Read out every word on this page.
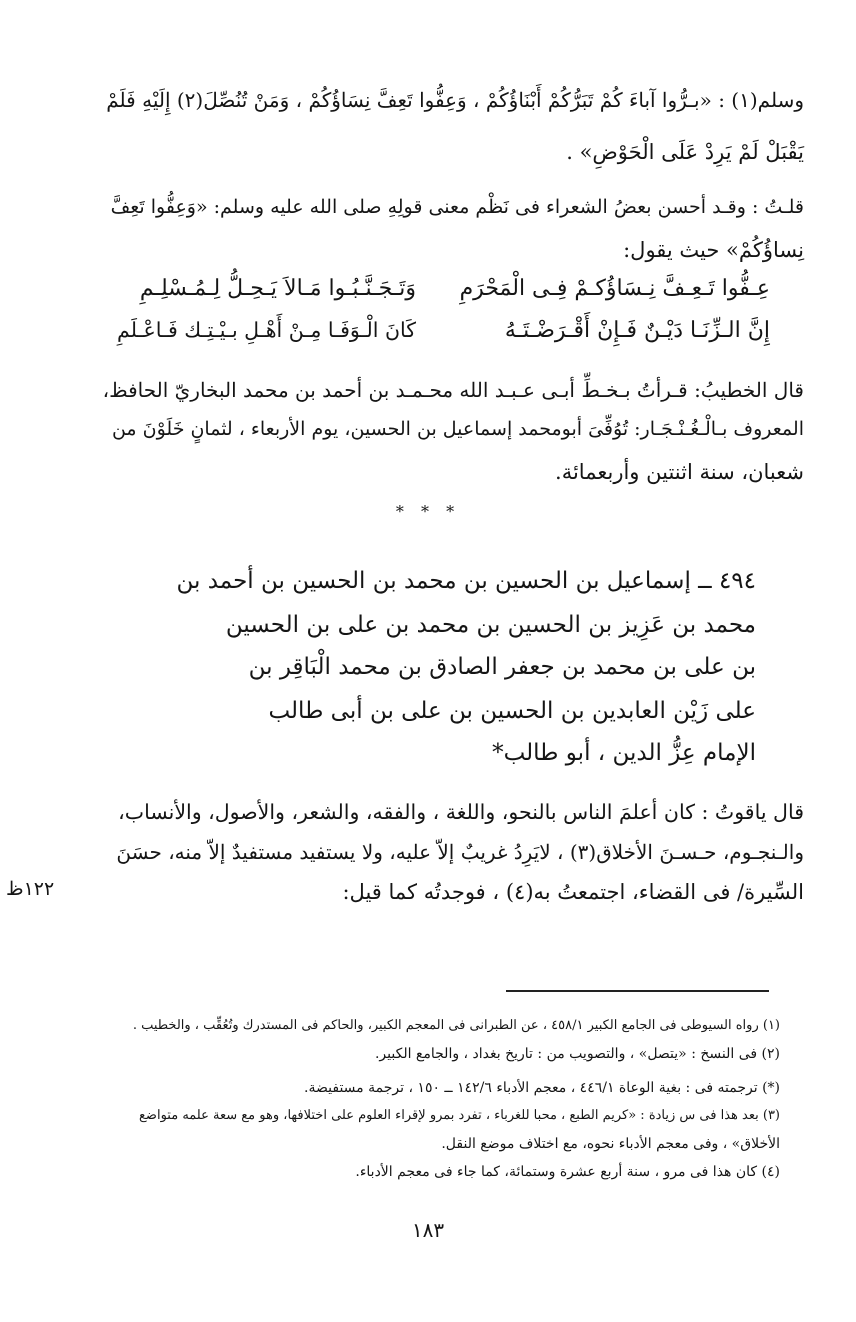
وسلم(١) : «بـرُّوا آباءَ كُمْ تَبَرُّكُمْ أَبْنَاؤُكُمْ ، وَعِفُّوا تَعِفَّ نِسَاؤُكُمْ ، وَمَنْ تُنُصِّلَ(٢) إِلَيْهِ فَلَمْ
يَقْبَلْ لَمْ يَرِدْ عَلَى الْحَوْضِ» .
قلـتُ : وقـد أحسن بعضُ الشعراء فى نَظْم معنى قولِهِ صلى الله عليه وسلم: «وَعِفُّوا تَعِفَّ
نِساؤُكُمْ» حيث يقول:
عِـفُّوا تَـعِـفَّ نِـسَاؤُكـمْ فِـى الْمَحْرَمِ
وَتَـجَـنَّـبُـوا مَـالاَ يَـحِـلُّ لِـمُـسْلِـمِ
إِنَّ الـزِّنَـا دَيْـنٌ فَـإِنْ أَقْـرَضْـتَـهُ
كَانَ الْـوَفَـا مِـنْ أَهْـلِ بـيْـتِـك فَـاعْـلَمِ
قال الخطيبُ: قـرأتُ بـخـطِّ أبـى عـبـد الله محـمـد بن أحمد بن محمد البخاريّ الحافظ،
المعروف بـالْـغُـنْـجَـار: تُوُفِّىَ أبومحمد إسماعيل بن الحسين، يوم الأربعاء ، لثمانٍ خَلَوْنَ من
شعبان، سنة اثنتين وأربعمائة.
* * *
٤٩٤ ــ إسماعيل بن الحسين بن محمد بن الحسين بن أحمد بن
محمد بن عَزِيز بن الحسين بن محمد بن على بن الحسين
بن على بن محمد بن جعفر الصادق بن محمد الْبَاقِر بن
على زَيْن العابدين بن الحسين بن على بن أبى طالب
الإمام عِزُّ الدين ، أبو طالب*
قال ياقوتُ : كان أعلمَ الناس بالنحو، واللغة ، والفقه، والشعر، والأصول، والأنساب،
والـنجـوم، حـسـنَ الأخلاق(٣) ، لايَرِدُ غريبٌ إلاّ عليه، ولا يستفيد مستفيدٌ إلاّ منه، حسَنَ
السِّيرة/ فى القضاء، اجتمعتُ به(٤) ، فوجدتُه كما قيل:
١٢٢ظ
(١) رواه السيوطى فى الجامع الكبير ٤٥٨/١ ، عن الطبرانى فى المعجم الكبير، والحاكم فى المستدرك وتُعُقِّب ، والخطيب .
(٢) فى النسخ : «يتصل» ، والتصويب من : تاريخ بغداد ، والجامع الكبير.
(*) ترجمته فى : بغية الوعاة ٤٤٦/١ ، معجم الأدباء ١٤٢/٦ ــ ١٥٠ ، ترجمة مستفيضة.
(٣) بعد هذا فى س زيادة : «كريم الطبع ، محبا للغرباء ، تفرد بمرو لإقراء العلوم على اختلافها، وهو مع سعة علمه متواضع
الأخلاق» ، وفى معجم الأدباء نحوه، مع اختلاف موضع النقل.
(٤) كان هذا فى مرو ، سنة أربع عشرة وستمائة، كما جاء فى معجم الأدباء.
١٨٣
